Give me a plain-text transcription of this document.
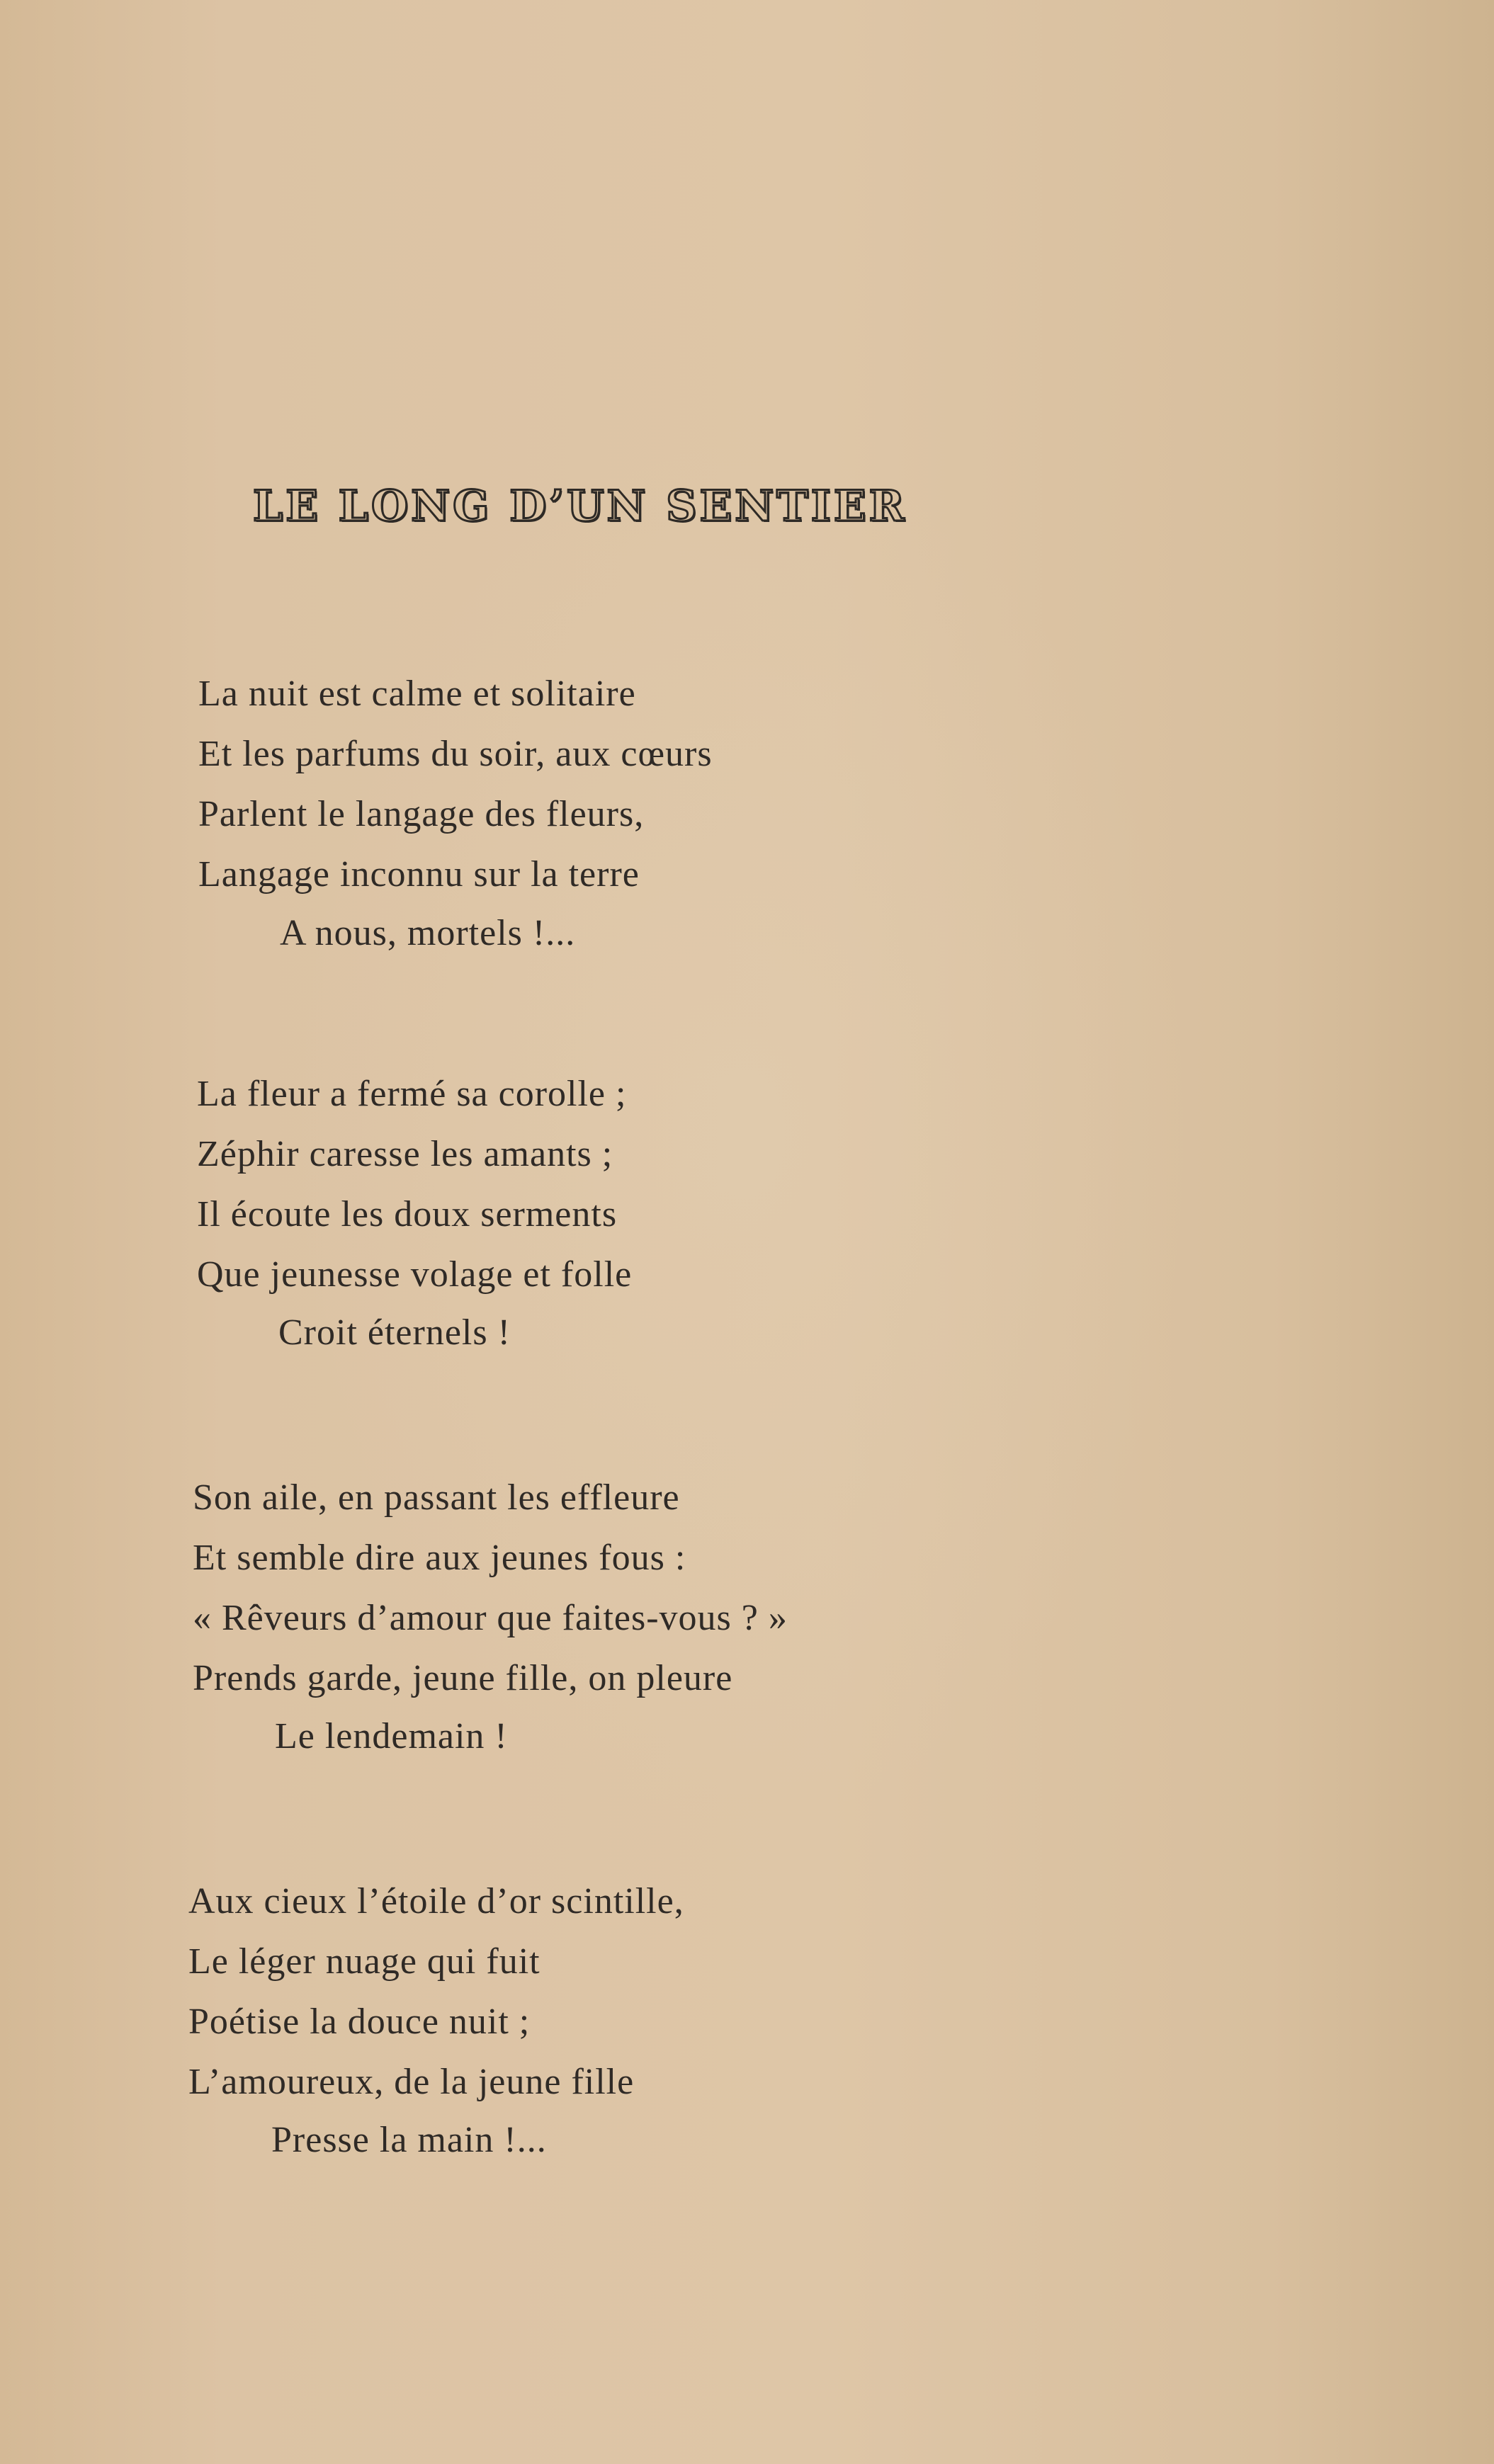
LE LONG D’UN SENTIER
La nuit est calme et solitaire
Et les parfums du soir, aux cœurs
Parlent le langage des fleurs,
Langage inconnu sur la terre
A nous, mortels !...
La fleur a fermé sa corolle ;
Zéphir caresse les amants ;
Il écoute les doux serments
Que jeunesse volage et folle
Croit éternels !
Son aile, en passant les effleure
Et semble dire aux jeunes fous :
« Rêveurs d’amour que faites-vous ? »
Prends garde, jeune fille, on pleure
Le lendemain !
Aux cieux l’étoile d’or scintille,
Le léger nuage qui fuit
Poétise la douce nuit ;
L’amoureux, de la jeune fille
Presse la main !...
